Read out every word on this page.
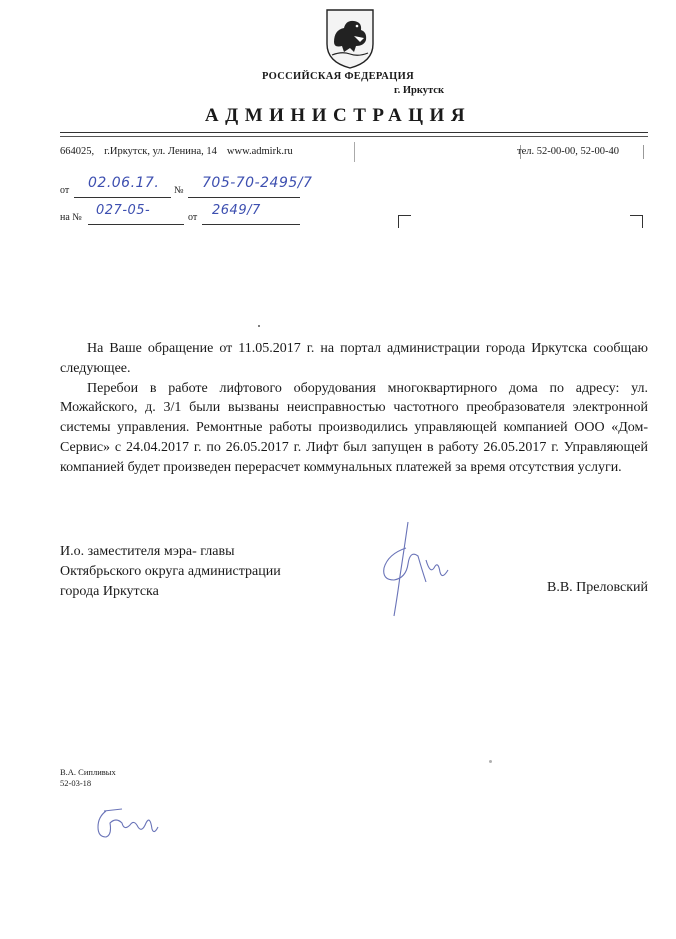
РОССИЙСКАЯ ФЕДЕРАЦИЯ
г. Иркутск
АДМИНИСТРАЦИЯ
664025, г.Иркутск, ул. Ленина, 14 www.admirk.ru	тел. 52-00-00, 52-00-40
от 02.06.17. № 705-70-2495/7
на № 027-05-	от 2649/7

На Ваше обращение от 11.05.2017 г. на портал администрации города Иркутска сообщаю следующее.

Перебои в работе лифтового оборудования многоквартирного дома по адресу: ул. Можайского, д. 3/1 были вызваны неисправностью частотного преобразователя электронной системы управления. Ремонтные работы производились управляющей компанией ООО «Дом-Сервис» с 24.04.2017 г. по 26.05.2017 г. Лифт был запущен в работу 26.05.2017 г. Управляющей компанией будет произведен перерасчет коммунальных платежей за время отсутствия услуги.

И.о. заместителя мэра- главы
Октябрьского округа администрации
города Иркутска	В.В. Преловский
В.А. Сипливых
52-03-18
